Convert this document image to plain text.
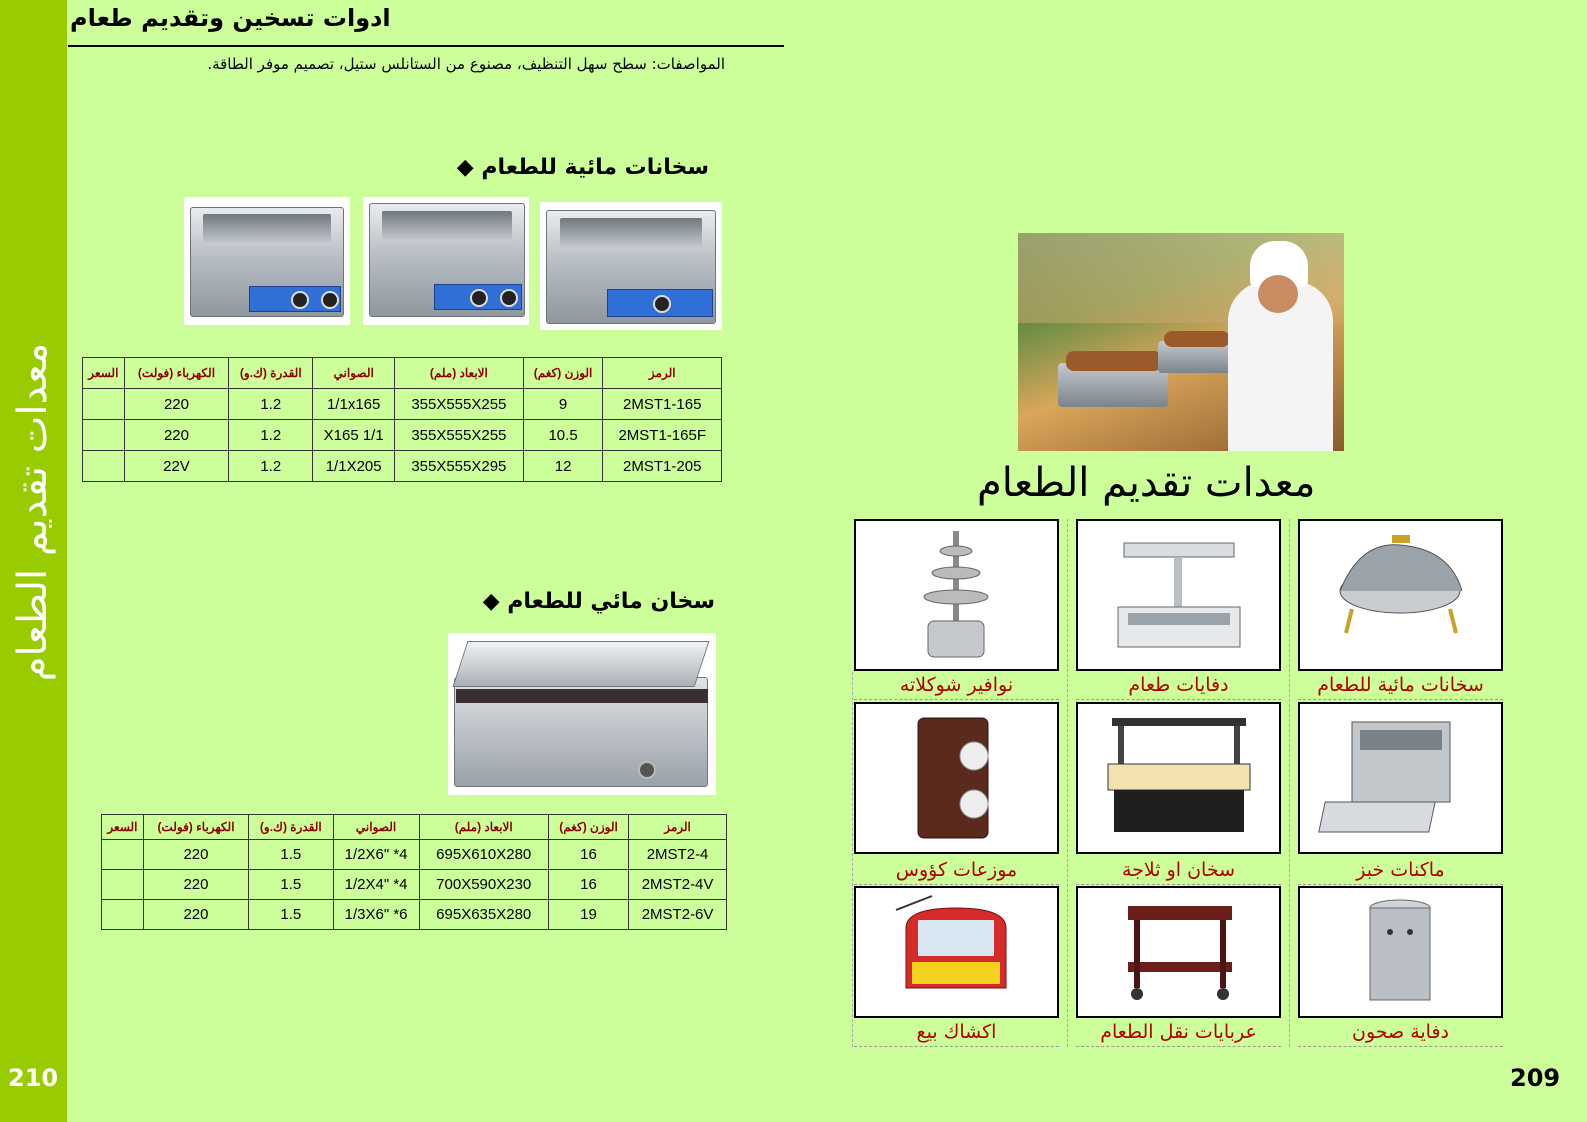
معدات تقديم الطعام
210	209
ادوات تسخين وتقديم طعام
المواصفات: سطح سهل التنظيف، مصنوع من الستانلس ستيل، تصميم موفر الطاقة.
سخانات مائية للطعام ◆
الرمز	الوزن (كغم)	الابعاد (ملم)	الصواني	القدرة (ك.و)	الكهرباء (فولت)	السعر
2MST1-165	9	355X555X255	1/1x165	1.2	220	
2MST1-165F	10.5	355X555X255	1/1 X165	1.2	220	
2MST1-205	12	355X555X295	1/1X205	1.2	22V	
سخان مائي للطعام ◆
الرمز	الوزن (كغم)	الابعاد (ملم)	الصواني	القدرة (ك.و)	الكهرباء (فولت)	السعر
2MST2-4	16	695X610X280	1/2X6" *4	1.5	220	
2MST2-4V	16	700X590X230	1/2X4" *4	1.5	220	
2MST2-6V	19	695X635X280	1/3X6" *6	1.5	220	
معدات تقديم الطعام
سخانات مائية للطعام
دفايات طعام
نوافير شوكلاته
ماكنات خبز
سخان او ثلاجة
موزعات كؤوس
دفاية صحون
عربايات نقل الطعام
اكشاك بيع
